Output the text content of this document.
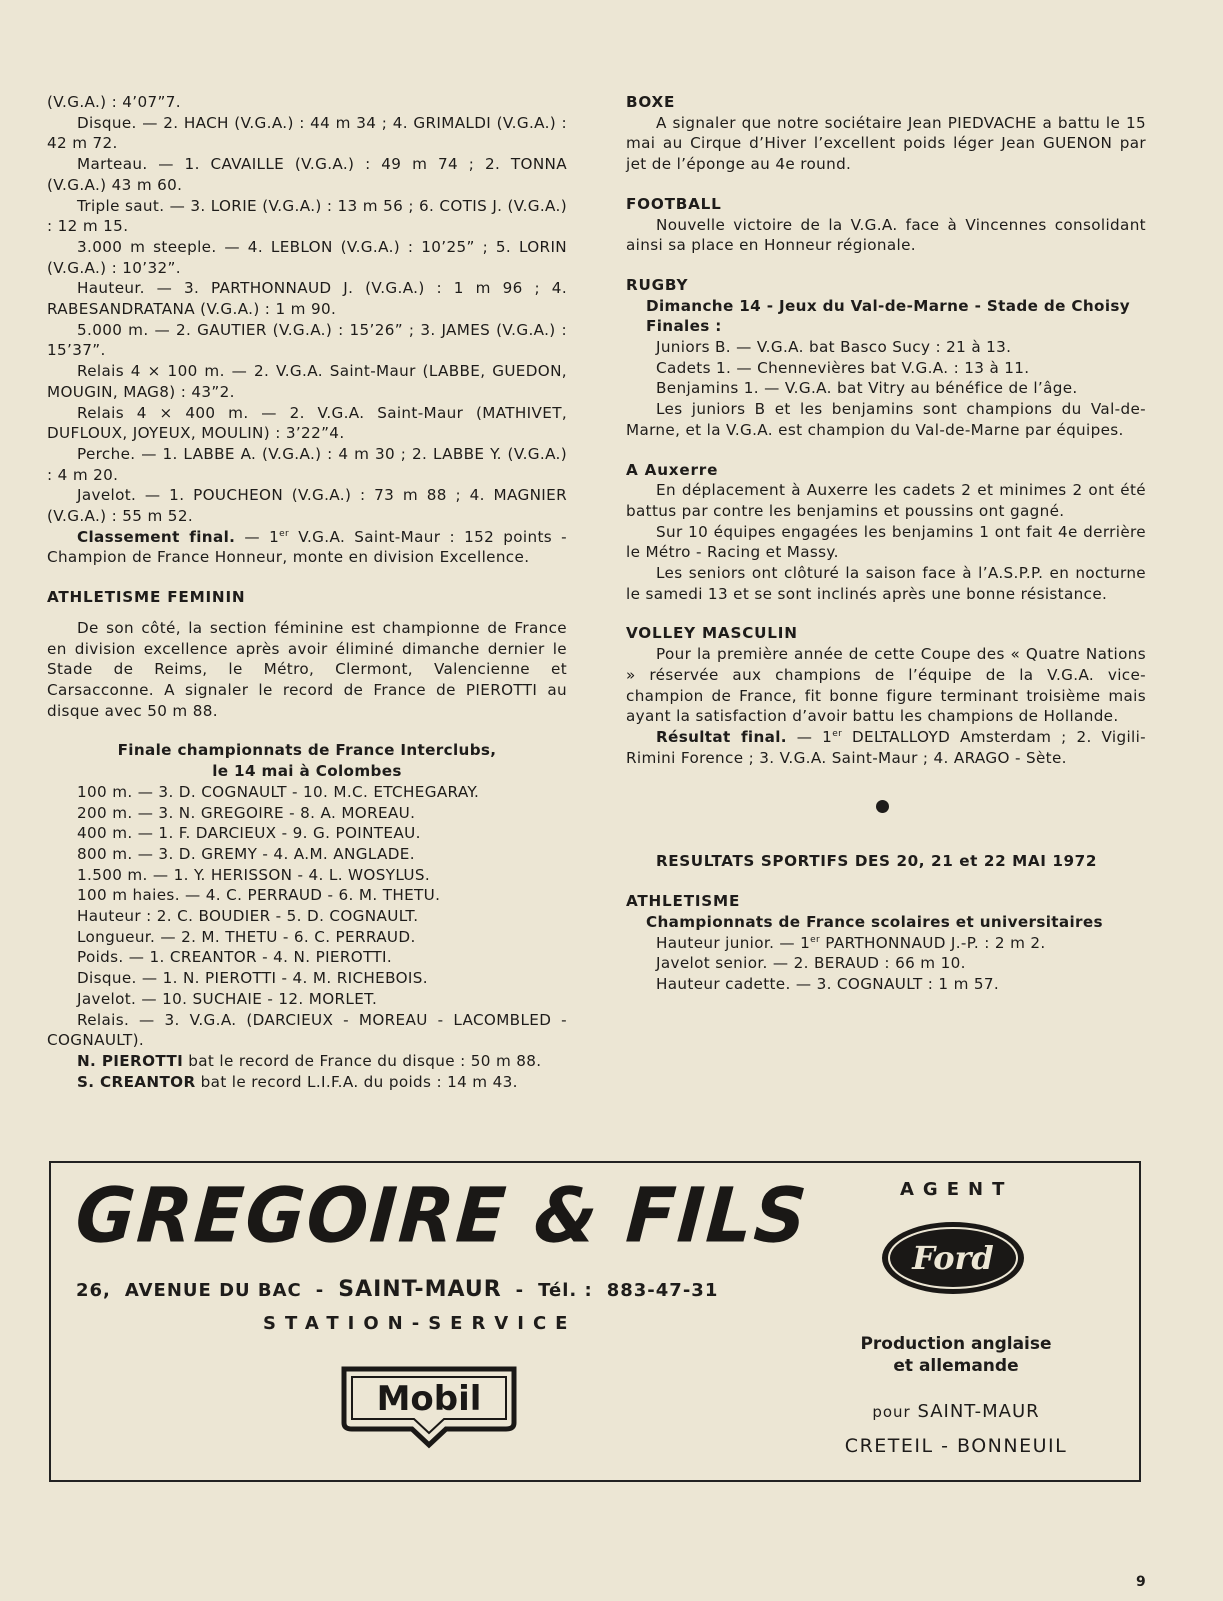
(V.G.A.) : 4’07”7.

Disque. — 2. HACH (V.G.A.) : 44 m 34 ; 4. GRIMALDI (V.G.A.) : 42 m 72.

Marteau. — 1. CAVAILLE (V.G.A.) : 49 m 74 ; 2. TONNA (V.G.A.) 43 m 60.

Triple saut. — 3. LORIE (V.G.A.) : 13 m 56 ; 6. COTIS J. (V.G.A.) : 12 m 15.

3.000 m steeple. — 4. LEBLON (V.G.A.) : 10’25” ; 5. LORIN (V.G.A.) : 10’32”.

Hauteur. — 3. PARTHONNAUD J. (V.G.A.) : 1 m 96 ; 4. RABESANDRATANA (V.G.A.) : 1 m 90.

5.000 m. — 2. GAUTIER (V.G.A.) : 15’26” ; 3. JAMES (V.G.A.) : 15’37”.

Relais 4 × 100 m. — 2. V.G.A. Saint-Maur (LABBE, GUEDON, MOUGIN, MAG8) : 43”2.

Relais 4 × 400 m. — 2. V.G.A. Saint-Maur (MATHIVET, DUFLOUX, JOYEUX, MOULIN) : 3’22”4.

Perche. — 1. LABBE A. (V.G.A.) : 4 m 30 ; 2. LABBE Y. (V.G.A.) : 4 m 20.

Javelot. — 1. POUCHEON (V.G.A.) : 73 m 88 ; 4. MAGNIER (V.G.A.) : 55 m 52.

Classement final. — 1er V.G.A. Saint-Maur : 152 points - Champion de France Honneur, monte en division Excellence.

ATHLETISME FEMININ

De son côté, la section féminine est championne de France en division excellence après avoir éliminé dimanche dernier le Stade de Reims, le Métro, Clermont, Valencienne et Carsacconne. A signaler le record de France de PIEROTTI au disque avec 50 m 88.

Finale championnats de France Interclubs,

le 14 mai à Colombes

100 m. — 3. D. COGNAULT - 10. M.C. ETCHEGARAY.

200 m. — 3. N. GREGOIRE - 8. A. MOREAU.

400 m. — 1. F. DARCIEUX - 9. G. POINTEAU.

800 m. — 3. D. GREMY - 4. A.M. ANGLADE.

1.500 m. — 1. Y. HERISSON - 4. L. WOSYLUS.

100 m haies. — 4. C. PERRAUD - 6. M. THETU.

Hauteur : 2. C. BOUDIER - 5. D. COGNAULT.

Longueur. — 2. M. THETU - 6. C. PERRAUD.

Poids. — 1. CREANTOR - 4. N. PIEROTTI.

Disque. — 1. N. PIEROTTI - 4. M. RICHEBOIS.

Javelot. — 10. SUCHAIE - 12. MORLET.

Relais. — 3. V.G.A. (DARCIEUX - MOREAU - LACOMBLED - COGNAULT).

N. PIEROTTI bat le record de France du disque : 50 m 88.

S. CREANTOR bat le record L.I.F.A. du poids : 14 m 43.

BOXE

A signaler que notre sociétaire Jean PIEDVACHE a battu le 15 mai au Cirque d’Hiver l’excellent poids léger Jean GUENON par jet de l’éponge au 4e round.

FOOTBALL

Nouvelle victoire de la V.G.A. face à Vincennes consolidant ainsi sa place en Honneur régionale.

RUGBY

Dimanche 14 - Jeux du Val-de-Marne - Stade de Choisy

Finales :

Juniors B. — V.G.A. bat Basco Sucy : 21 à 13.

Cadets 1. — Chennevières bat V.G.A. : 13 à 11.

Benjamins 1. — V.G.A. bat Vitry au bénéfice de l’âge.

Les juniors B et les benjamins sont champions du Val-de-Marne, et la V.G.A. est champion du Val-de-Marne par équipes.

A Auxerre

En déplacement à Auxerre les cadets 2 et minimes 2 ont été battus par contre les benjamins et poussins ont gagné.

Sur 10 équipes engagées les benjamins 1 ont fait 4e derrière le Métro - Racing et Massy.

Les seniors ont clôturé la saison face à l’A.S.P.P. en nocturne le samedi 13 et se sont inclinés après une bonne résistance.

VOLLEY MASCULIN

Pour la première année de cette Coupe des « Quatre Nations » réservée aux champions de l’équipe de la V.G.A. vice-champion de France, fit bonne figure terminant troisième mais ayant la satisfaction d’avoir battu les champions de Hollande.

Résultat final. — 1er DELTALLOYD Amsterdam ; 2. Vigili-Rimini Forence ; 3. V.G.A. Saint-Maur ; 4. ARAGO - Sète.

RESULTATS SPORTIFS DES 20, 21 et 22 MAI 1972

ATHLETISME

Championnats de France scolaires et universitaires

Hauteur junior. — 1er PARTHONNAUD J.-P. : 2 m 2.

Javelot senior. — 2. BERAUD : 66 m 10.

Hauteur cadette. — 3. COGNAULT : 1 m 57.

GREGOIRE & FILS
26, AVENUE DU BAC - SAINT-MAUR - Tél. : 883-47-31
STATION-SERVICE
Mobil
AGENT
Ford
Production anglaise
et allemande
pour SAINT-MAUR
CRETEIL - BONNEUIL
9
